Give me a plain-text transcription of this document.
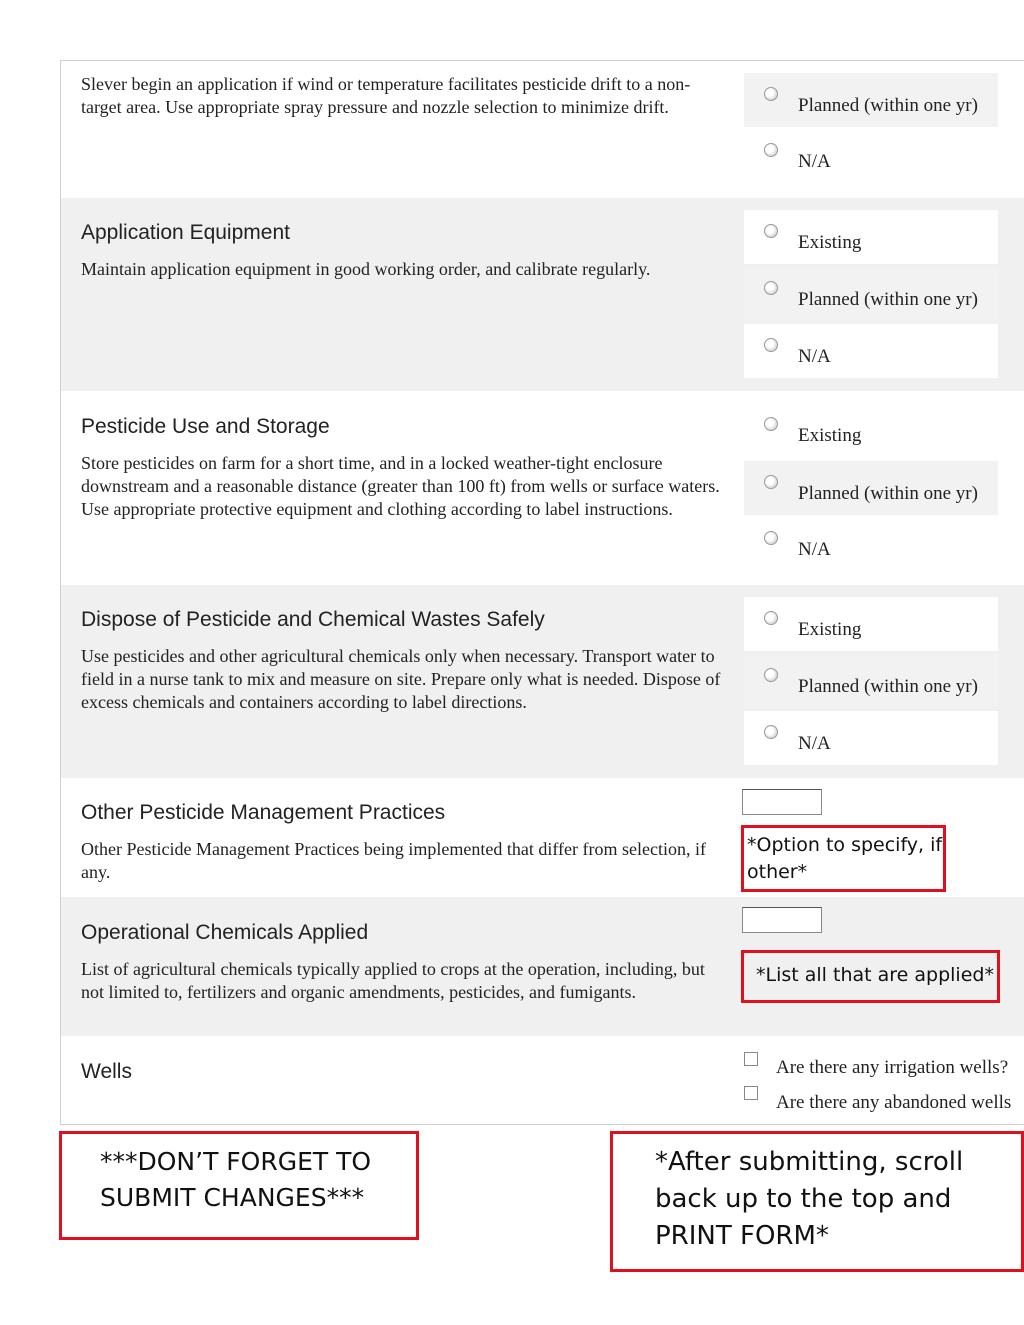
Slever begin an application if wind or temperature facilitates pesticide drift to a non-target area. Use appropriate spray pressure and nozzle selection to minimize drift.	Planned (within one yr)
N/A

Application Equipment

Maintain application equipment in good working order, and calibrate regularly.

Existing
Planned (within one yr)
N/A

Pesticide Use and Storage

Store pesticides on farm for a short time, and in a locked weather-tight enclosure downstream and a reasonable distance (greater than 100 ft) from wells or surface waters. Use appropriate protective equipment and clothing according to label instructions.

Existing
Planned (within one yr)
N/A

Dispose of Pesticide and Chemical Wastes Safely

Use pesticides and other agricultural chemicals only when necessary. Transport water to field in a nurse tank to mix and measure on site. Prepare only what is needed. Dispose of excess chemicals and containers according to label directions.

Existing
Planned (within one yr)
N/A

Other Pesticide Management Practices

Other Pesticide Management Practices being implemented that differ from selection, if any.

*Option to specify, if other*

Operational Chemicals Applied

List of agricultural chemicals typically applied to crops at the operation, including, but not limited to, fertilizers and organic amendments, pesticides, and fumigants.

*List all that are applied*

Wells	Are there any irrigation wells?
Are there any abandoned wells
***DON’T FORGET TO SUBMIT CHANGES***
*After submitting, scroll back up to the top and PRINT FORM*
